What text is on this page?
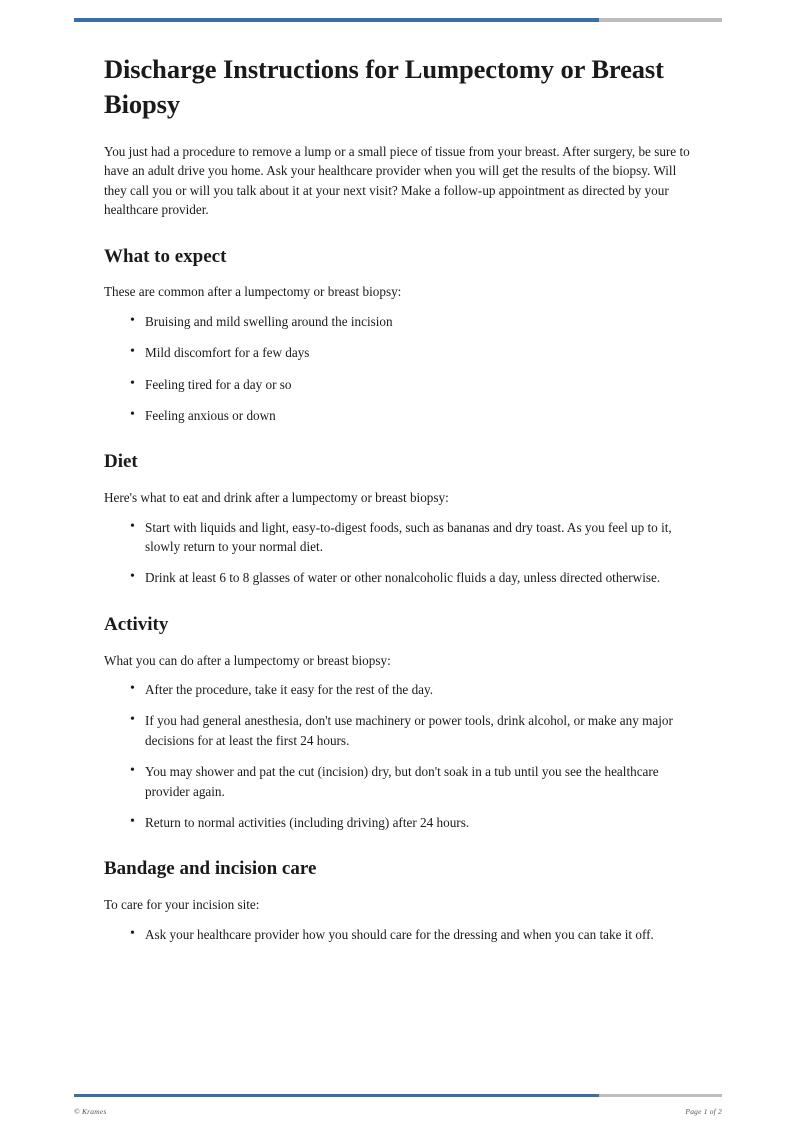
Discharge Instructions for Lumpectomy or Breast Biopsy

You just had a procedure to remove a lump or a small piece of tissue from your breast. After surgery, be sure to have an adult drive you home. Ask your healthcare provider when you will get the results of the biopsy. Will they call you or will you talk about it at your next visit? Make a follow-up appointment as directed by your healthcare provider.

What to expect

These are common after a lumpectomy or breast biopsy:

• Bruising and mild swelling around the incision
• Mild discomfort for a few days
• Feeling tired for a day or so
• Feeling anxious or down
Diet

Here's what to eat and drink after a lumpectomy or breast biopsy:

• Start with liquids and light, easy-to-digest foods, such as bananas and dry toast. As you feel up to it, slowly return to your normal diet.
• Drink at least 6 to 8 glasses of water or other nonalcoholic fluids a day, unless directed otherwise.
Activity

What you can do after a lumpectomy or breast biopsy:

• After the procedure, take it easy for the rest of the day.
• If you had general anesthesia, don't use machinery or power tools, drink alcohol, or make any major decisions for at least the first 24 hours.
• You may shower and pat the cut (incision) dry, but don't soak in a tub until you see the healthcare provider again.
• Return to normal activities (including driving) after 24 hours.
Bandage and incision care

To care for your incision site:

• Ask your healthcare provider how you should care for the dressing and when you can take it off.
© Krames	Page 1 of 2
